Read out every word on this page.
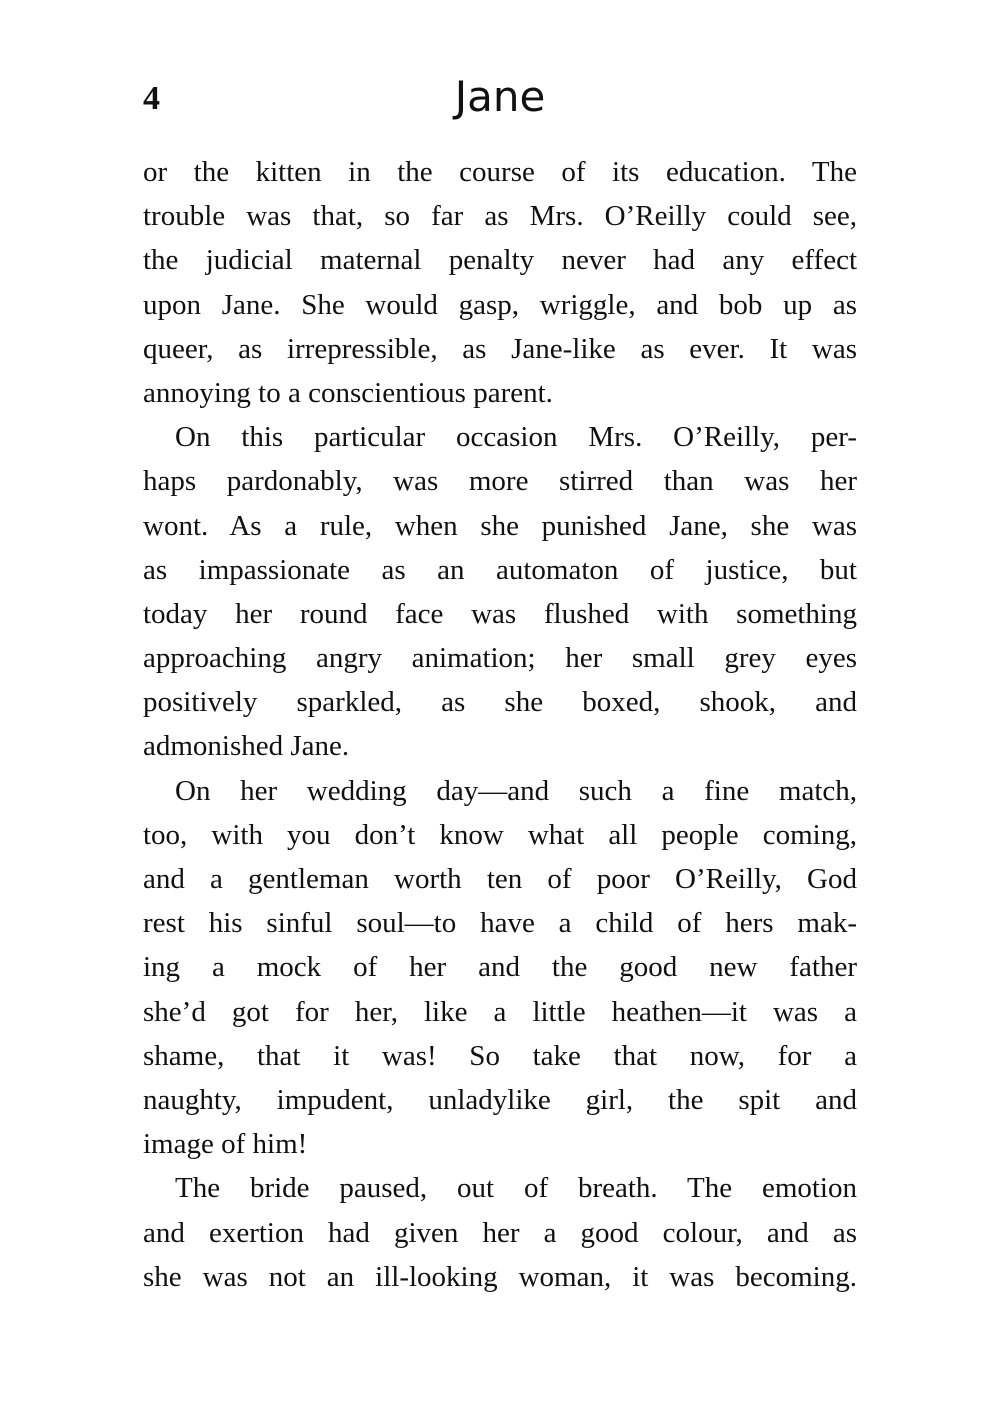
4	Jane
or the kitten in the course of its education. The
trouble was that, so far as Mrs. O’Reilly could see,
the judicial maternal penalty never had any effect
upon Jane. She would gasp, wriggle, and bob up as
queer, as irrepressible, as Jane-like as ever. It was
annoying to a conscientious parent.
On this particular occasion Mrs. O’Reilly, per-
haps pardonably, was more stirred than was her
wont. As a rule, when she punished Jane, she was
as impassionate as an automaton of justice, but
today her round face was flushed with something
approaching angry animation; her small grey eyes
positively sparkled, as she boxed, shook, and
admonished Jane.
On her wedding day—and such a fine match,
too, with you don’t know what all people coming,
and a gentleman worth ten of poor O’Reilly, God
rest his sinful soul—to have a child of hers mak-
ing a mock of her and the good new father
she’d got for her, like a little heathen—it was a
shame, that it was! So take that now, for a
naughty, impudent, unladylike girl, the spit and
image of him!
The bride paused, out of breath. The emotion
and exertion had given her a good colour, and as
she was not an ill-looking woman, it was becoming.
